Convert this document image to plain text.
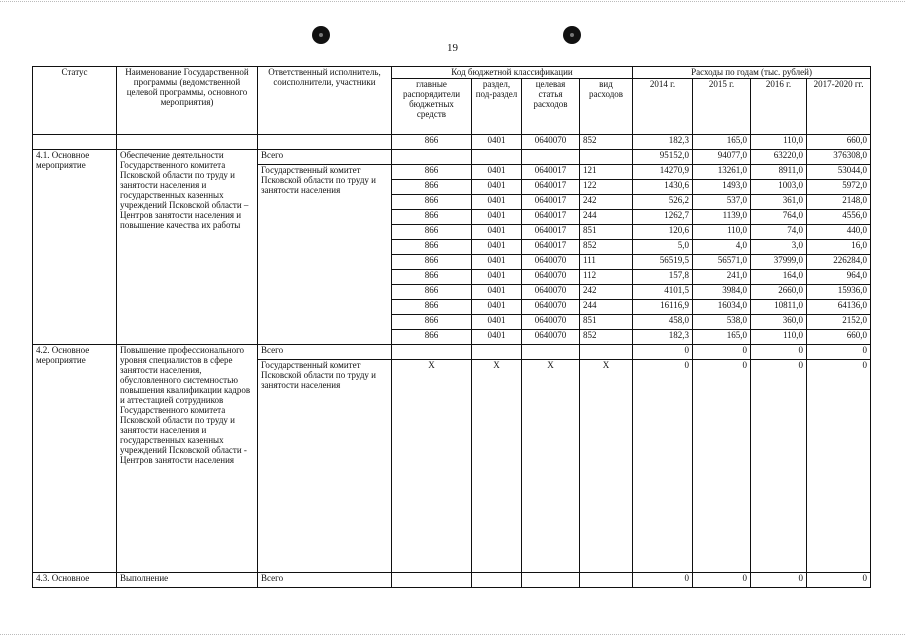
19
Статус	Наименование Государственной программы (ведомственной целевой программы, основного мероприятия)	Ответственный исполнитель, соисполнители, участники	Код бюджетной классификации				Расходы по годам (тыс. рублей)			
			главные распорядители бюджетных средств	раздел, под-раздел	целевая статья расходов	вид расходов	2014 г.	2015 г.	2016 г.	2017-2020 гг.
			866	0401	0640070	852	182,3	165,0	110,0	660,0
4.1. Основное мероприятие	Обеспечение деятельности Государственного комитета Псковской области по труду и занятости населения и государственных казенных учреждений Псковской области – Центров занятости населения и повышение качества их работы	Всего					95152,0	94077,0	63220,0	376308,0
		Государственный комитет Псковской области по труду и занятости населения	866	0401	0640017	121	14270,9	13261,0	8911,0	53044,0
			866	0401	0640017	122	1430,6	1493,0	1003,0	5972,0
			866	0401	0640017	242	526,2	537,0	361,0	2148,0
			866	0401	0640017	244	1262,7	1139,0	764,0	4556,0
			866	0401	0640017	851	120,6	110,0	74,0	440,0
			866	0401	0640017	852	5,0	4,0	3,0	16,0
			866	0401	0640070	111	56519,5	56571,0	37999,0	226284,0
			866	0401	0640070	112	157,8	241,0	164,0	964,0
			866	0401	0640070	242	4101,5	3984,0	2660,0	15936,0
			866	0401	0640070	244	16116,9	16034,0	10811,0	64136,0
			866	0401	0640070	851	458,0	538,0	360,0	2152,0
			866	0401	0640070	852	182,3	165,0	110,0	660,0
4.2. Основное мероприятие	Повышение профессионального уровня специалистов в сфере занятости населения, обусловленного системностью повышения квалификации кадров и аттестацией сотрудников Государственного комитета Псковской области по труду и занятости населения и государственных казенных учреждений Псковской области - Центров занятости населения	Всего					0	0	0	0
		Государственный комитет Псковской области по труду и занятости населения	X	X	X	X	0	0	0	0
4.3. Основное	Выполнение	Всего					0	0	0	0
